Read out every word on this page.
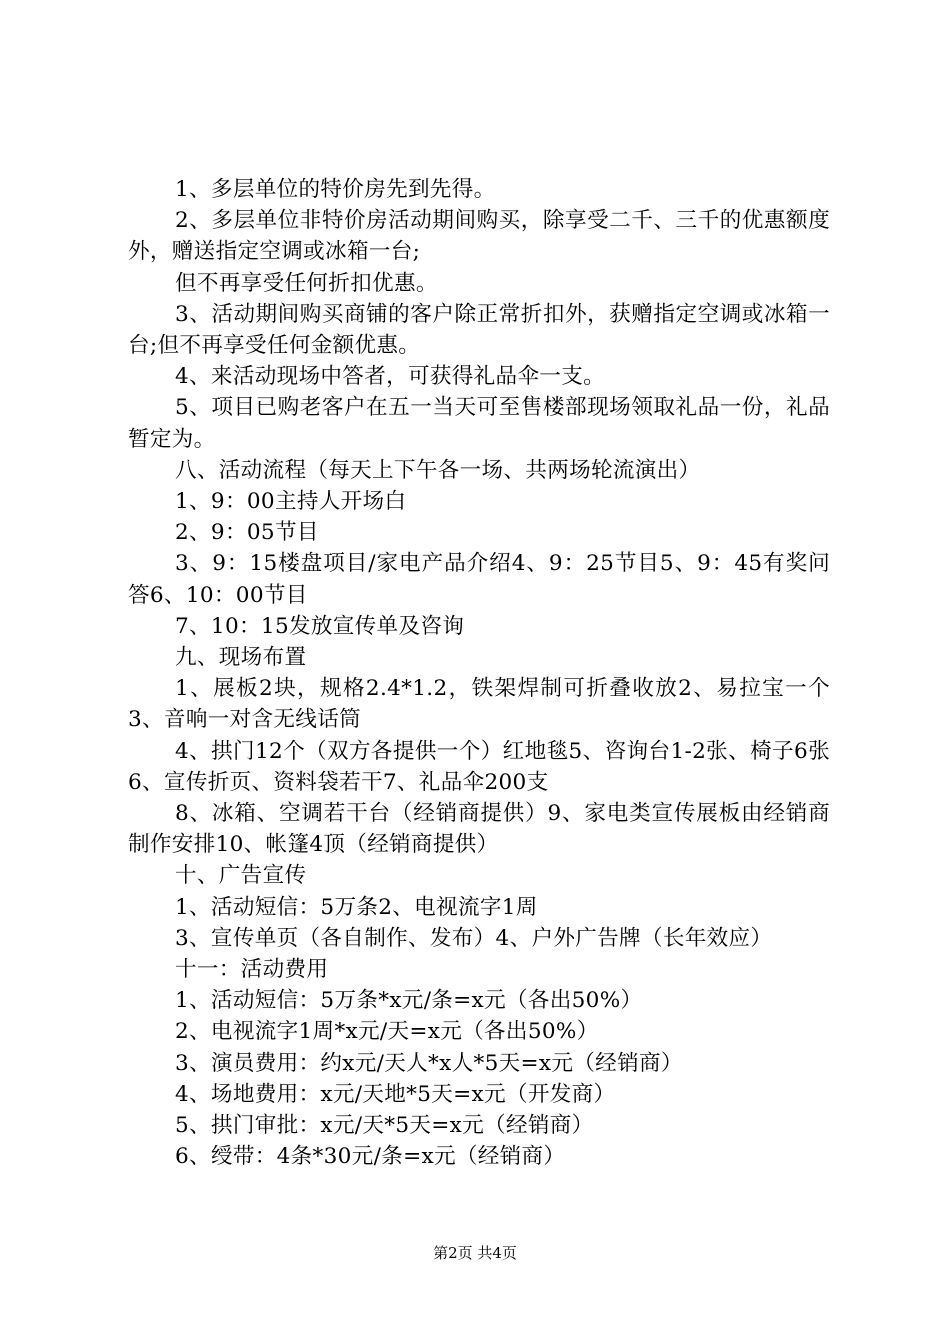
1、多层单位的特价房先到先得。

2、多层单位非特价房活动期间购买，除享受二千、三千的优惠额度外，赠送指定空调或冰箱一台;

但不再享受任何折扣优惠。

3、活动期间购买商铺的客户除正常折扣外，获赠指定空调或冰箱一台;但不再享受任何金额优惠。

4、来活动现场中答者，可获得礼品伞一支。

5、项目已购老客户在五一当天可至售楼部现场领取礼品一份，礼品暂定为。

八、活动流程（每天上下午各一场、共两场轮流演出）

1、9：00主持人开场白

2、9：05节目

3、9：15楼盘项目/家电产品介绍4、9：25节目5、9：45有奖问答6、10：00节目

7、10：15发放宣传单及咨询

九、现场布置

1、展板2块，规格2.4*1.2，铁架焊制可折叠收放2、易拉宝一个3、音响一对含无线话筒

4、拱门12个（双方各提供一个）红地毯5、咨询台1-2张、椅子6张6、宣传折页、资料袋若干7、礼品伞200支

8、冰箱、空调若干台（经销商提供）9、家电类宣传展板由经销商制作安排10、帐篷4顶（经销商提供）

十、广告宣传

1、活动短信：5万条2、电视流字1周

3、宣传单页（各自制作、发布）4、户外广告牌（长年效应）

十一：活动费用

1、活动短信：5万条*x元/条=x元（各出50%）

2、电视流字1周*x元/天=x元（各出50%）

3、演员费用：约x元/天人*x人*5天=x元（经销商）

4、场地费用：x元/天地*5天=x元（开发商）

5、拱门审批：x元/天*5天=x元（经销商）

6、绶带：4条*30元/条=x元（经销商）

第2页 共4页
